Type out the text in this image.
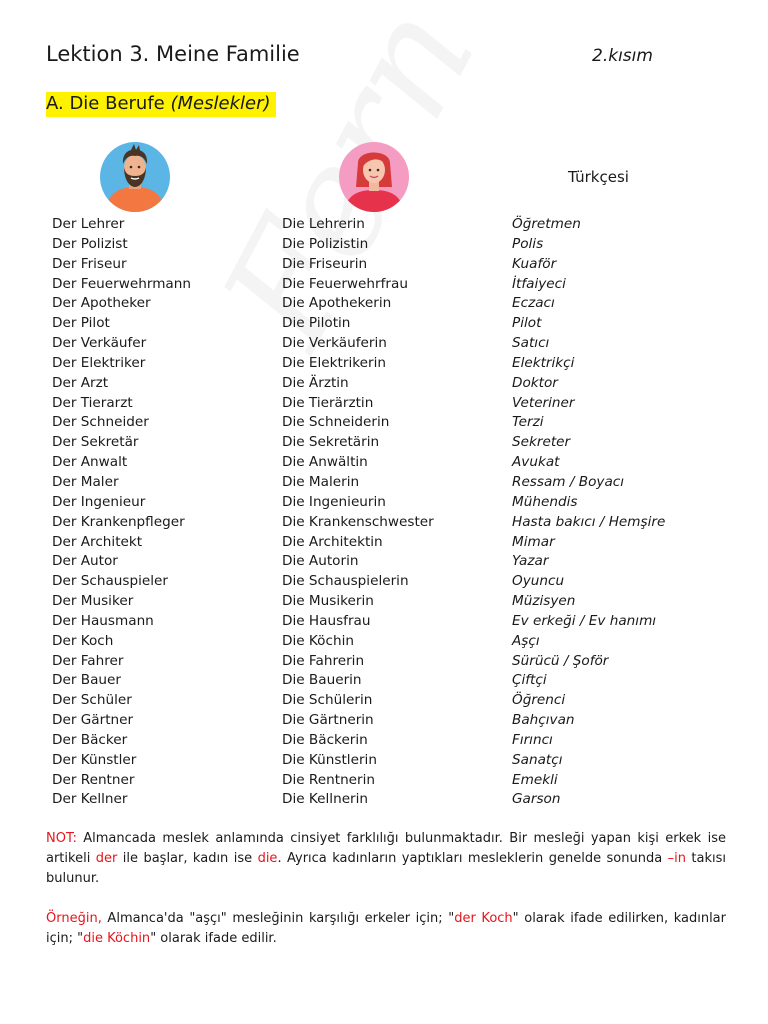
Lektion 3. Meine Familie	2.kısım
A. Die Berufe (Meslekler)
Türkçesi
Der Lehrer	Die Lehrerin	Öğretmen
Der Polizist	Die Polizistin	Polis
Der Friseur	Die Friseurin	Kuaför
Der Feuerwehrmann	Die Feuerwehrfrau	İtfaiyeci
Der Apotheker	Die Apothekerin	Eczacı
Der Pilot	Die Pilotin	Pilot
Der Verkäufer	Die Verkäuferin	Satıcı
Der Elektriker	Die Elektrikerin	Elektrikçi
Der Arzt	Die Ärztin	Doktor
Der Tierarzt	Die Tierärztin	Veteriner
Der Schneider	Die Schneiderin	Terzi
Der Sekretär	Die Sekretärin	Sekreter
Der Anwalt	Die Anwältin	Avukat
Der Maler	Die Malerin	Ressam / Boyacı
Der Ingenieur	Die Ingenieurin	Mühendis
Der Krankenpfleger	Die Krankenschwester	Hasta bakıcı / Hemşire
Der Architekt	Die Architektin	Mimar
Der Autor	Die Autorin	Yazar
Der Schauspieler	Die Schauspielerin	Oyuncu
Der Musiker	Die Musikerin	Müzisyen
Der Hausmann	Die Hausfrau	Ev erkeği / Ev hanımı
Der Koch	Die Köchin	Aşçı
Der Fahrer	Die Fahrerin	Sürücü / Şoför
Der Bauer	Die Bauerin	Çiftçi
Der Schüler	Die Schülerin	Öğrenci
Der Gärtner	Die Gärtnerin	Bahçıvan
Der Bäcker	Die Bäckerin	Fırıncı
Der Künstler	Die Künstlerin	Sanatçı
Der Rentner	Die Rentnerin	Emekli
Der Kellner	Die Kellnerin	Garson
NOT: Almancada meslek anlamında cinsiyet farklılığı bulunmaktadır. Bir mesleği yapan kişi erkek ise artikeli der ile başlar, kadın ise die. Ayrıca kadınların yaptıkları mesleklerin genelde sonunda –in takısı bulunur.
Örneğin, Almanca'da "aşçı" mesleğinin karşılığı erkeler için; "der Koch" olarak ifade edilirken, kadınlar için; "die Köchin" olarak ifade edilir.
